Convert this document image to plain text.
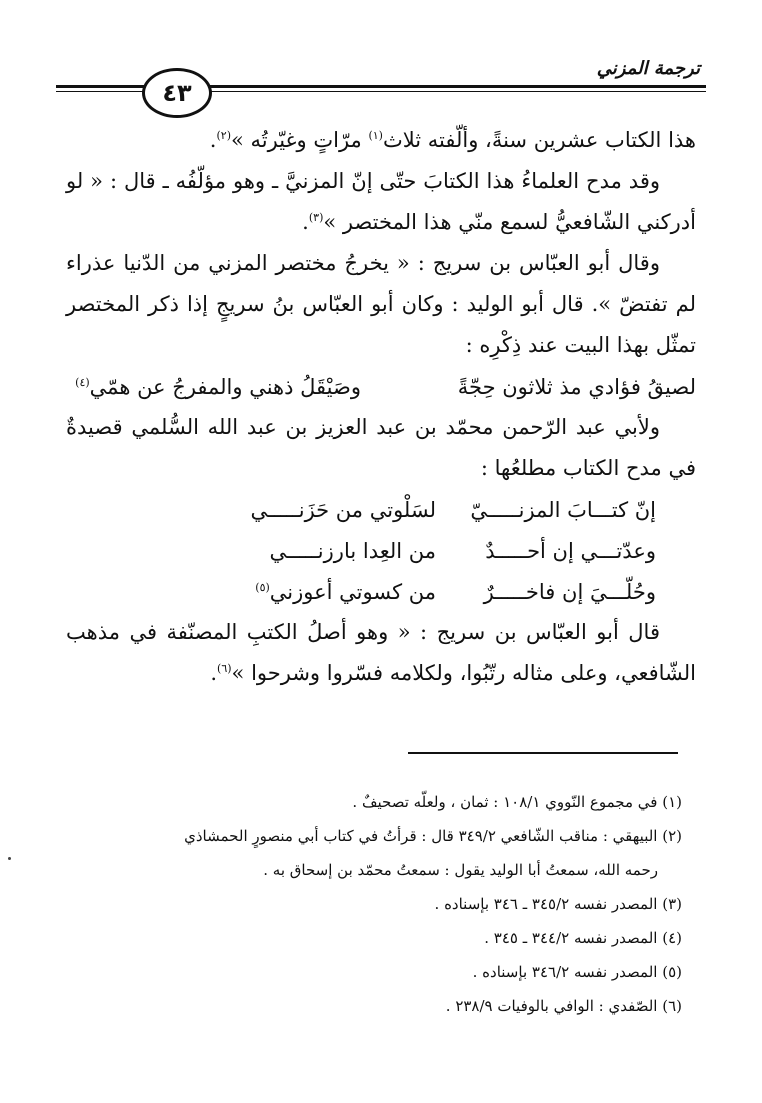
ترجمة المزني
٤٣

هذا الكتاب عشرين سنةً، وألّفته ثلاث$^{(١)}$ مرّاتٍ وغيّرتُه »$^{(٢)}$.

وقد مدح العلماءُ هذا الكتابَ حتّى إنّ المزنيَّ ـ وهو مؤلّفُه ـ قال : « لو أدركني الشّافعيُّ لسمع منّي هذا المختصر »$^{(٣)}$.

وقال أبو العبّاس بن سريج : « يخرجُ مختصر المزني من الدّنيا عذراء لم تفتضّ ». قال أبو الوليد : وكان أبو العبّاس بنُ سريجٍ إذا ذكر المختصر تمثّل بهذا البيت عند ذِكْرِه :

لصيقُ فؤادي مذ ثلاثون حِجّةً
وصَيْقَلُ ذهني والمفرجُ عن همّي$^{(٤)}$

ولأبي عبد الرّحمن محمّد بن عبد العزيز بن عبد الله السُّلمي قصيدةٌ في مدح الكتاب مطلعُها :

إنّ كتـــابَ المزنـــــيّ
لسَلْوتي من حَزَنـــــي
وعدّتـــي إن أحـــــدٌ
من العِدا بارزنـــــي
وحُلّـــيَ إن فاخـــــرٌ
من كسوتي أعوزني$^{(٥)}$

قال أبو العبّاس بن سريج : « وهو أصلُ الكتبِ المصنّفة في مذهب الشّافعي، وعلى مثاله رتّبُوا، ولكلامه فسّروا وشرحوا »$^{(٦)}$.

(١) في مجموع النّووي ١٠٨/١ : ثمان ، ولعلّه تصحيفٌ .

(٢) البيهقي : مناقب الشّافعي ٣٤٩/٢ قال : قرأتُ في كتاب أبي منصورٍ الحمشاذي

رحمه الله، سمعتُ أبا الوليد يقول : سمعتُ محمّد بن إسحاق به .

(٣) المصدر نفسه ٣٤٥/٢ ـ ٣٤٦ بإسناده .

(٤) المصدر نفسه ٣٤٤/٢ ـ ٣٤٥ .

(٥) المصدر نفسه ٣٤٦/٢ بإسناده .

(٦) الصّفدي : الوافي بالوفيات ٢٣٨/٩ .
